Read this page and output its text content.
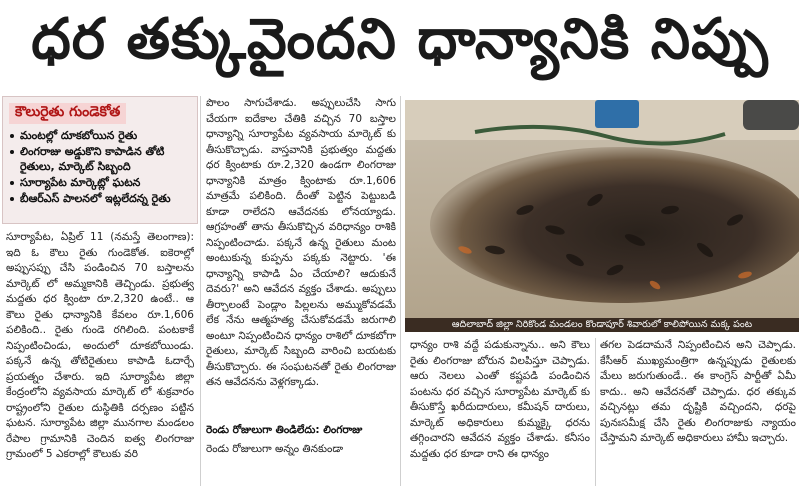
ధర తక్కువైందని ధాన్యానికి నిప్పు
కౌలురైతు గుండెకోత
మంటల్లో దూకబోయిన రైతు
లింగరాజు అడ్డుకొని కాపాడిన తోటి రైతులు, మార్కెట్ సిబ్బంది
సూర్యాపేట మార్కెట్లో ఘటన
బీఆర్ఎస్ పాలనలో ఇట్లలేదన్న రైతు

సూర్యాపేట, ఏప్రిల్ 11 (నమస్తే తెలంగాణ): ఇది ఓ కౌలు రైతు గుండెకోత. ఐకెరాల్లో అప్పుసప్పు చేసి పండించిన 70 బస్తాలను మార్కెట్ లో అమ్మకానికి తెచ్చిండు. ప్రభుత్వ మద్దతు ధర క్వింటా రూ.2,320 ఉంటే.. ఆ కౌలు రైతు ధాన్యానికి కేవలం రూ.1,606 పలికింది.. రైతు గుండె రగిలింది. పంటకాకే నిప్పంటించిండు, అందులో దూకబోయిండు. పక్కనే ఉన్న తోటిరైతులు కాపాడి ఓదార్చే ప్రయత్నం చేశారు. ఇది సూర్యాపేట జిల్లా కేంద్రంలోని వ్యవసాయ మార్కెట్ లో శుక్రవారం రాష్ట్రంలోని రైతుల దుస్థితికి దర్పణం పట్టిన ఘటన. సూర్యాపేట జిల్లా మునగాల మండలం రేపాల గ్రామానికి చెందిన ఐత్వ లింగరాజు గ్రామంలో 5 ఎకరాల్లో కౌలుకు వరి

పొలం సాగుచేశాడు. అప్పులుచేసి సాగు చేయగా ఐదేకాల చేతికి వచ్చిన 70 బస్తాల ధాన్యాన్ని సూర్యాపేట వ్యవసాయ మార్కెట్ కు తీసుకొచ్చాడు. వాస్తవానికి ప్రభుత్వం మద్దతు ధర క్వింటాకు రూ.2,320 ఉండగా లింగరాజు ధాన్యానికి మాత్రం క్వింటాకు రూ.1,606 మాత్రమే పలికింది. దీంతో పెట్టిన పెట్టుబడి కూడా రాలేదని ఆవేదనకు లోనయ్యాడు. ఆగ్రహంతో తాను తీసుకొచ్చిన వరిధాన్యం రాశికి నిప్పంటించాడు. పక్కనే ఉన్న రైతులు మంట అంటుకున్న కుప్పను పక్కకు నెట్టారు. 'ఈ ధాన్యాన్ని కాపాడి ఏం చేయాలి? ఆదుకునే దెవరు?' అని ఆవేదన వ్యక్తం చేశాడు. అప్పులు తీర్చాలంటే పెండ్లాం పిల్లలను అమ్ముకోవడమే లేక నేను ఆత్మహత్య చేసుకోవడమే జరుగాలి అంటూ నిప్పంటించిన ధాన్యం రాశిలో దూకబోగా రైతులు, మార్కెట్ సిబ్బంది వారించి బయటకు తీసుకొచ్చారు. ఈ సంఘటనతో రైతు లింగరాజు తన ఆవేదనను వెళ్లగక్కాడు.

రెండు రోజులుగా తిండిలేదు: లింగరాజు

రెండు రోజులుగా అన్నం తినకుండా

ఆదిలాబాద్ జిల్లా నిరికొండ మండలం కొండాపూర్ శివారులో కాలిపోయిన మక్క పంట

ధాన్యం రాశి వద్దే పడుకున్నాను.. అని కౌలు రైతు లింగరాజు బోరున విలపిస్తూ చెప్పాడు. ఆరు నెలలు ఎంతో కష్టపడి పండించిన పంటను ధర వచ్చిన సూర్యాపేట మార్కెట్ కు తీసుకొస్తే ఖరీదుదారులు, కమీషన్ దారులు, మార్కెట్ అధికారులు కుమ్మక్కై ధరను తగ్గించారని ఆవేదన వ్యక్తం చేశాడు. కనీసం మద్దతు ధర కూడా రాని ఈ ధాన్యం

తగల పెడదామనే నిప్పంటించిన అని చెప్పాడు. కేసీఆర్ ముఖ్యమంత్రిగా ఉన్నప్పుడు రైతులకు మేలు జరుగుతుండే.. ఈ కాంగ్రెస్ పార్టీతో ఏమీ కాదు.. అని ఆవేదనతో చెప్పాడు. ధర తక్కువ వచ్చినట్లు తమ దృష్టికి వచ్చిందని, ధరపై పునఃసమీక్ష చేసి రైతు లింగరాజుకు న్యాయం చేస్తామని మార్కెట్ అధికారులు హామీ ఇచ్చారు.
